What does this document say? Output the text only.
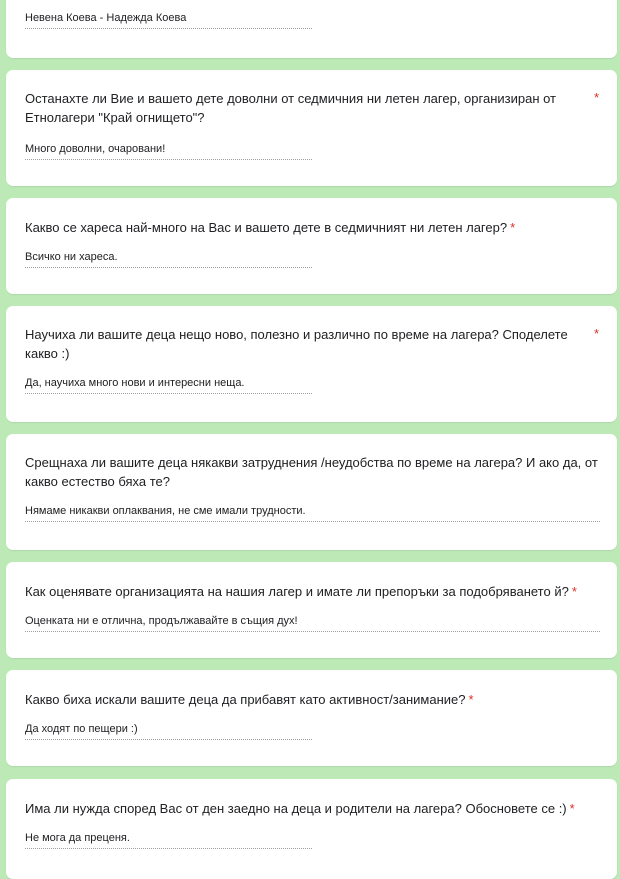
Невена Коева - Надежда Коева
Останахте ли Вие и вашето дете доволни от седмичния ни летен лагер, организиран от
Етнолагери "Край огнището"?
*
Много доволни, очаровани!
Какво се хареса най-много на Вас и вашето дете в седмичният ни летен лагер? *
Всичко ни хареса.
Научиха ли вашите деца нещо ново, полезно и различно по време на лагера? Споделете
какво :)
*
Да, научиха много нови и интересни неща.
Срещнаха ли вашите деца някакви затруднения /неудобства по време на лагера? И ако да, от
какво естество бяха те?
Нямаме никакви оплаквания, не сме имали трудности.
Как оценявате организацията на нашия лагер и имате ли препоръки за подобряването й? *
Оценката ни е отлична, продължавайте в същия дух!
Какво биха искали вашите деца да прибавят като активност/занимание? *
Да ходят по пещери :)
Има ли нужда според Вас от ден заедно на деца и родители на лагера? Обосновете се :) *
Не мога да преценя.
